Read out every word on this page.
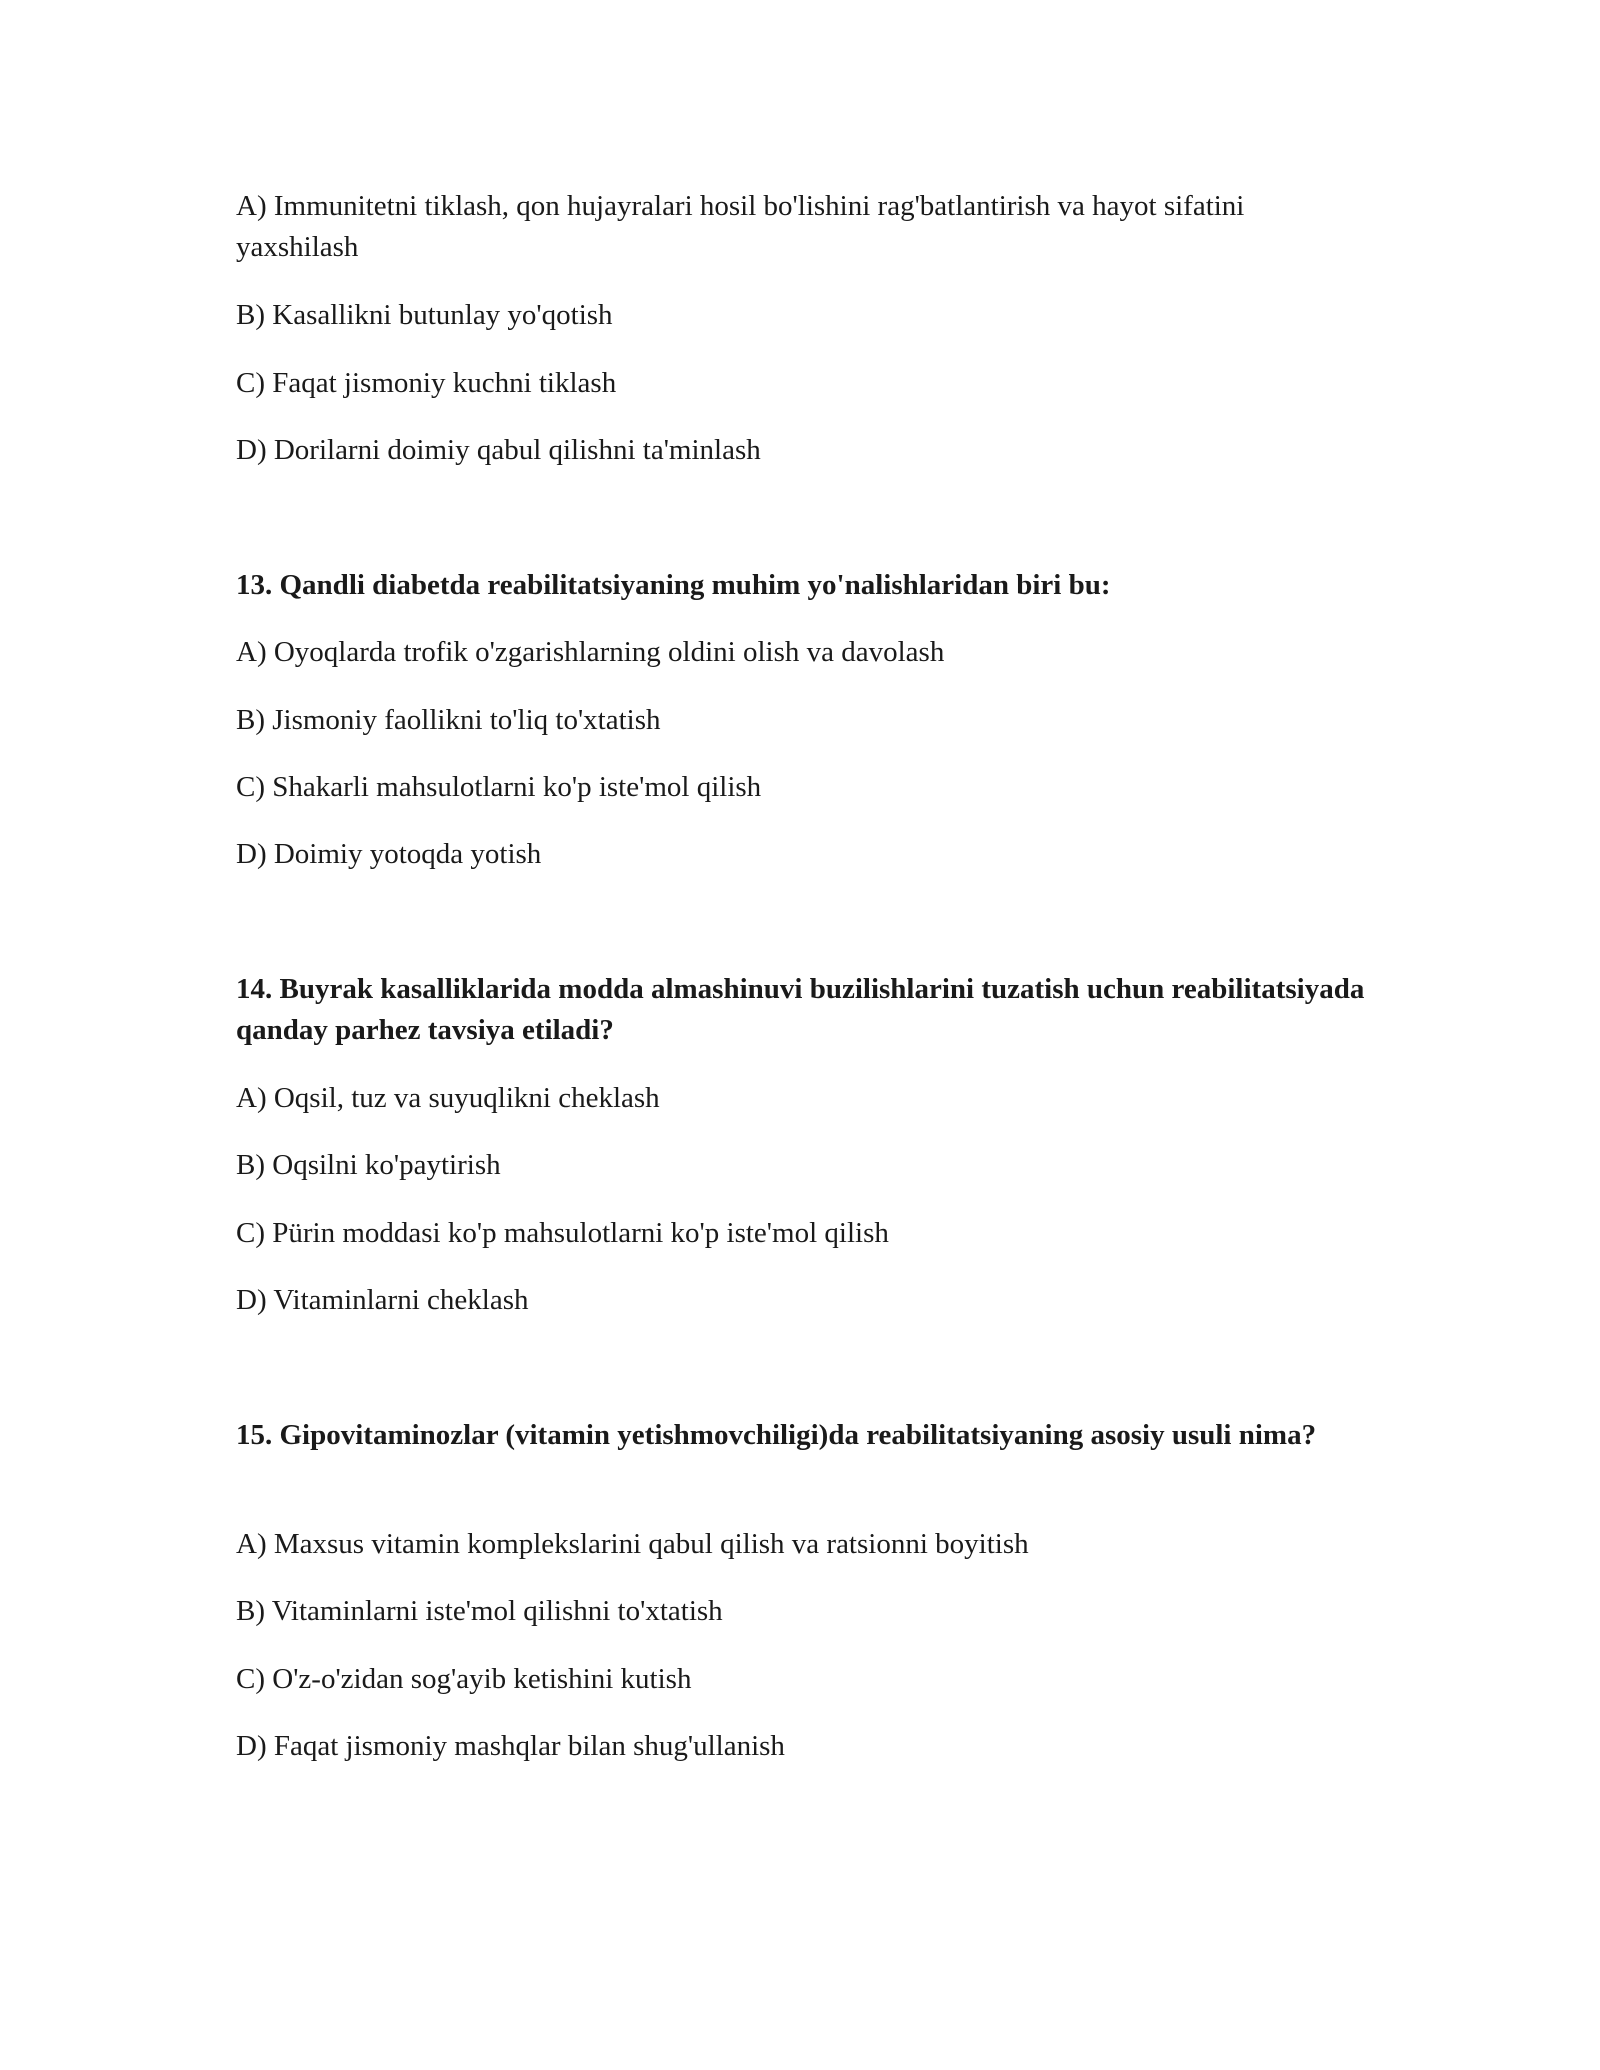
A) Immunitetni tiklash, qon hujayralari hosil bo'lishini rag'batlantirish va hayot sifatini yaxshilash
B) Kasallikni butunlay yo'qotish
C) Faqat jismoniy kuchni tiklash
D) Dorilarni doimiy qabul qilishni ta'minlash
13. Qandli diabetda reabilitatsiyaning muhim yo'nalishlaridan biri bu:
A) Oyoqlarda trofik o'zgarishlarning oldini olish va davolash
B) Jismoniy faollikni to'liq to'xtatish
C) Shakarli mahsulotlarni ko'p iste'mol qilish
D) Doimiy yotoqda yotish
14. Buyrak kasalliklarida modda almashinuvi buzilishlarini tuzatish uchun reabilitatsiyada qanday parhez tavsiya etiladi?
A) Oqsil, tuz va suyuqlikni cheklash
B) Oqsilni ko'paytirish
C) Pürin moddasi ko'p mahsulotlarni ko'p iste'mol qilish
D) Vitaminlarni cheklash
15. Gipovitaminozlar (vitamin yetishmovchiligi)da reabilitatsiyaning asosiy usuli nima?
A) Maxsus vitamin komplekslarini qabul qilish va ratsionni boyitish
B) Vitaminlarni iste'mol qilishni to'xtatish
C) O'z-o'zidan sog'ayib ketishini kutish
D) Faqat jismoniy mashqlar bilan shug'ullanish
